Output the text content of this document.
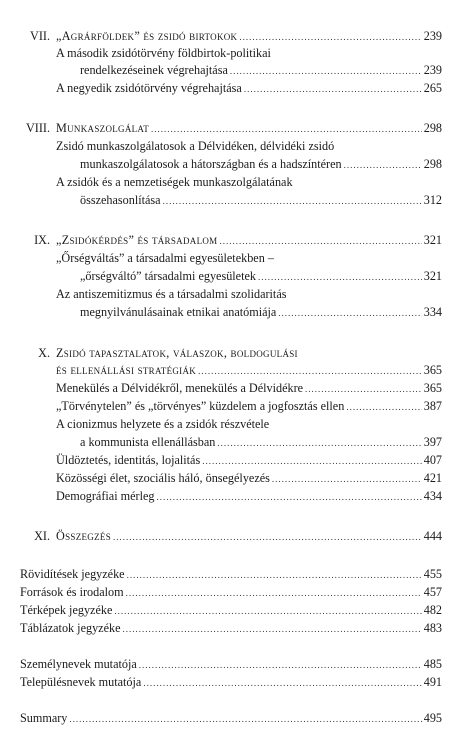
VII. „Agrárföldek” és zsidó birtokok .....	239
A második zsidótörvény földbirtok-politikai
rendelkezéseinek végrehajtása .....	239
A negyedik zsidótörvény végrehajtása .....	265
VIII. Munkaszolgálat .....	298
Zsidó munkaszolgálatosok a Délvidéken, délvidéki zsidó
munkaszolgálatosok a hátországban és a hadszíntéren .....	298
A zsidók és a nemzetiségek munkaszolgálatának
összehasonlítása .....	312
IX. „Zsidókérdés” és társadalom .....	321
„Őrségváltás” a társadalmi egyesületekben –
„őrségváltó” társadalmi egyesületek .....	321
Az antiszemitizmus és a társadalmi szolidaritás
megnyilvánulásainak etnikai anatómiája .....	334
X. Zsidó tapasztalatok, válaszok, boldogulási
és ellenállási stratégiák .....	365
Menekülés a Délvidékről, menekülés a Délvidékre .....	365
„Törvénytelen” és „törvényes” küzdelem a jogfosztás ellen .....	387
A cionizmus helyzete és a zsidók részvétele
a kommunista ellenállásban .....	397
Üldöztetés, identitás, lojalitás .....	407
Közösségi élet, szociális háló, önsegélyezés .....	421
Demográfiai mérleg .....	434
XI. Összegzés .....	444
Rövidítések jegyzéke .....	455
Források és irodalom .....	457
Térképek jegyzéke .....	482
Táblázatok jegyzéke .....	483
Személynevek mutatója .....	485
Településnevek mutatója .....	491
Summary .....	495
